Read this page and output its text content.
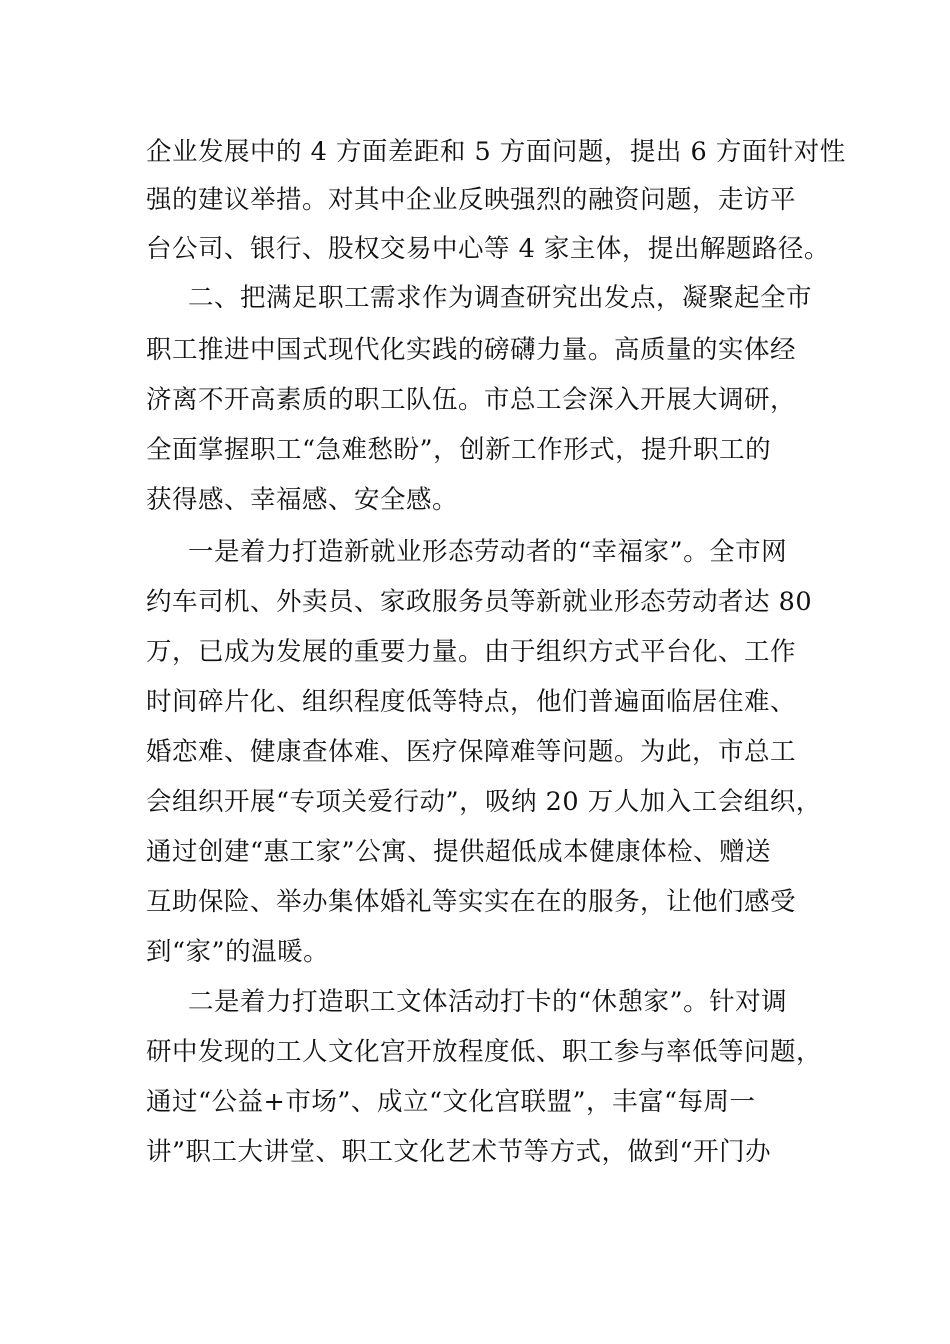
企业发展中的 4 方面差距和 5 方面问题，提出 6 方面针对性
强的建议举措。对其中企业反映强烈的融资问题，走访平
台公司、银行、股权交易中心等 4 家主体，提出解题路径。
二、把满足职工需求作为调查研究出发点，凝聚起全市
职工推进中国式现代化实践的磅礴力量。高质量的实体经
济离不开高素质的职工队伍。市总工会深入开展大调研，
全面掌握职工“急难愁盼”，创新工作形式，提升职工的
获得感、幸福感、安全感。
一是着力打造新就业形态劳动者的“幸福家”。全市网
约车司机、外卖员、家政服务员等新就业形态劳动者达 80
万，已成为发展的重要力量。由于组织方式平台化、工作
时间碎片化、组织程度低等特点，他们普遍面临居住难、
婚恋难、健康查体难、医疗保障难等问题。为此，市总工
会组织开展“专项关爱行动”，吸纳 20 万人加入工会组织，
通过创建“惠工家”公寓、提供超低成本健康体检、赠送
互助保险、举办集体婚礼等实实在在的服务，让他们感受
到“家”的温暖。
二是着力打造职工文体活动打卡的“休憩家”。针对调
研中发现的工人文化宫开放程度低、职工参与率低等问题，
通过“公益+市场”、成立“文化宫联盟”，丰富“每周一
讲”职工大讲堂、职工文化艺术节等方式，做到“开门办
